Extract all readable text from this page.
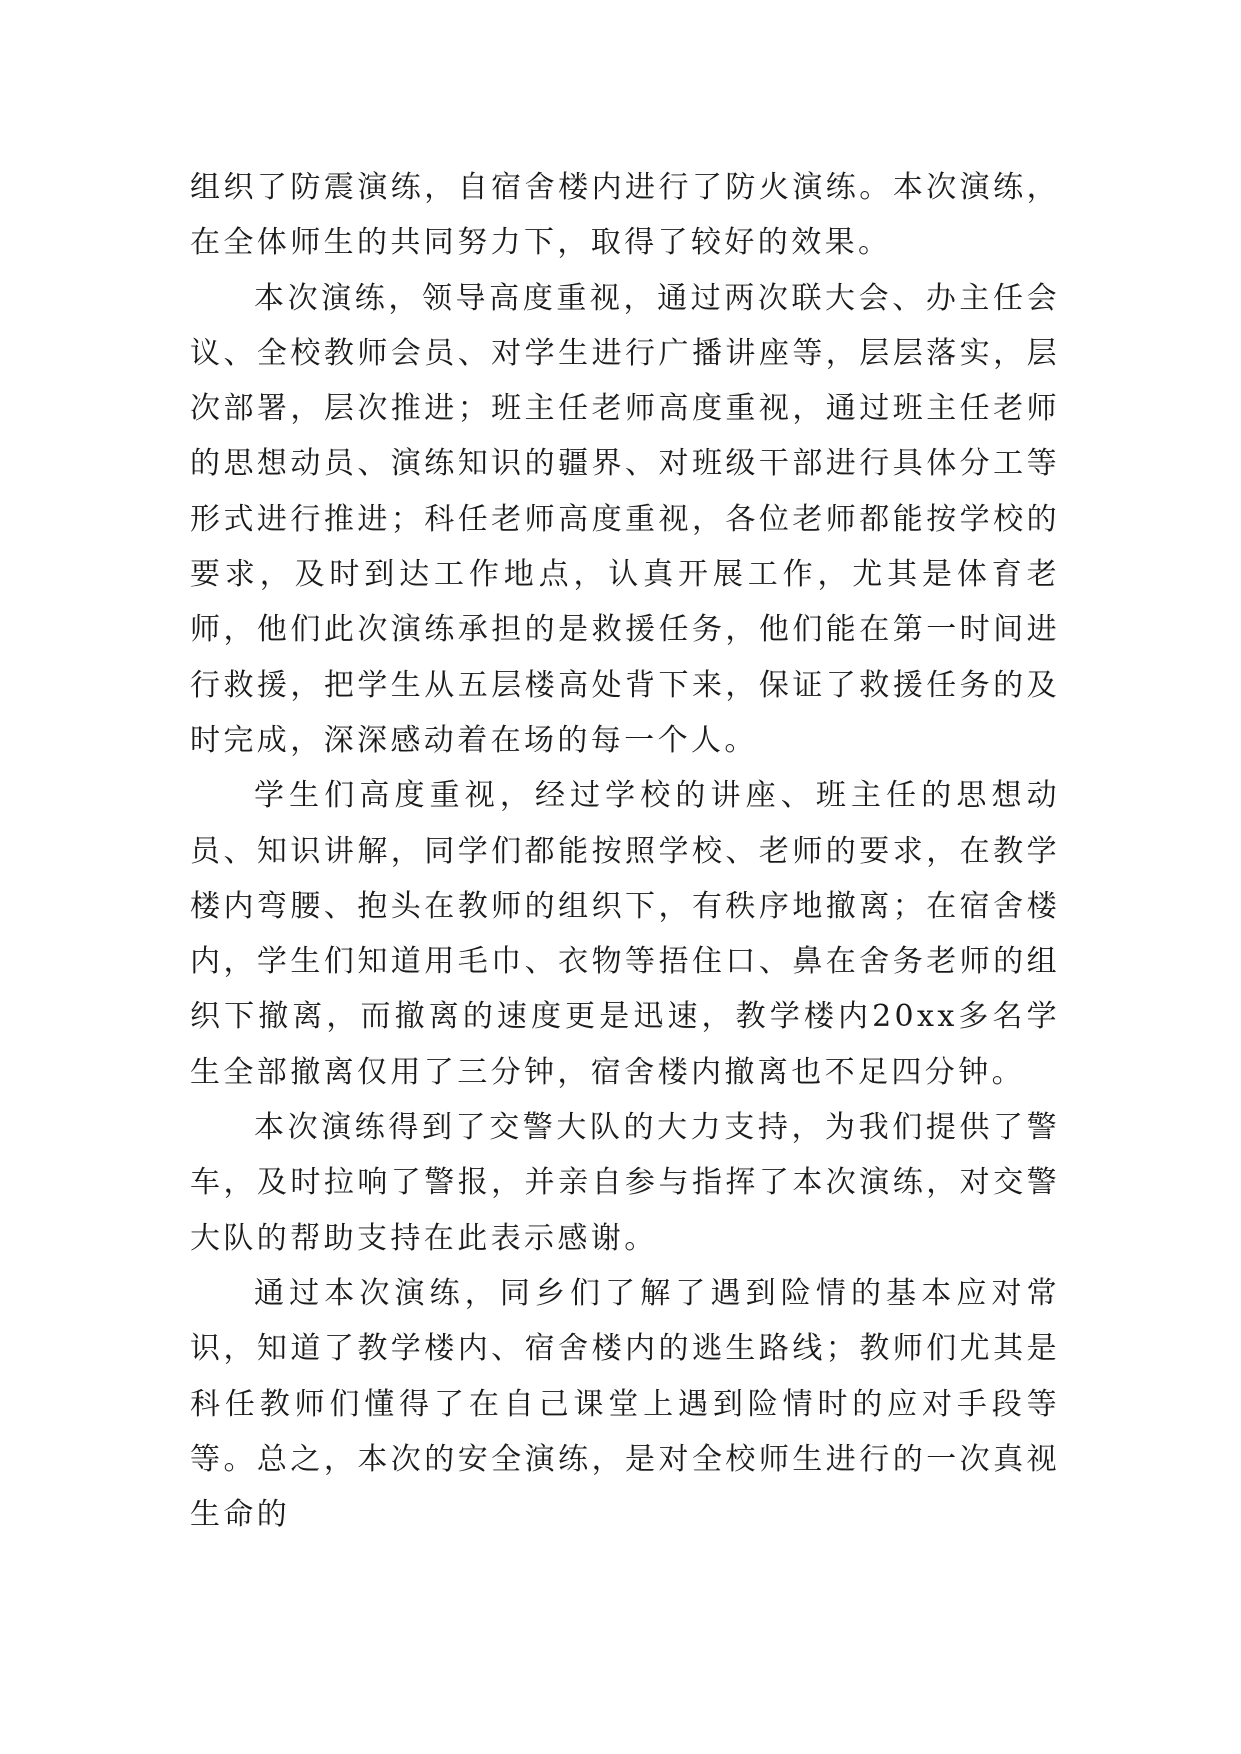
组织了防震演练，自宿舍楼内进行了防火演练。本次演练，在全体师生的共同努力下，取得了较好的效果。

本次演练，领导高度重视，通过两次联大会、办主任会议、全校教师会员、对学生进行广播讲座等，层层落实，层次部署，层次推进；班主任老师高度重视，通过班主任老师的思想动员、演练知识的疆界、对班级干部进行具体分工等形式进行推进；科任老师高度重视，各位老师都能按学校的要求，及时到达工作地点，认真开展工作，尤其是体育老师，他们此次演练承担的是救援任务，他们能在第一时间进行救援，把学生从五层楼高处背下来，保证了救援任务的及时完成，深深感动着在场的每一个人。

学生们高度重视，经过学校的讲座、班主任的思想动员、知识讲解，同学们都能按照学校、老师的要求，在教学楼内弯腰、抱头在教师的组织下，有秩序地撤离；在宿舍楼内，学生们知道用毛巾、衣物等捂住口、鼻在舍务老师的组织下撤离，而撤离的速度更是迅速，教学楼内20xx多名学生全部撤离仅用了三分钟，宿舍楼内撤离也不足四分钟。

本次演练得到了交警大队的大力支持，为我们提供了警车，及时拉响了警报，并亲自参与指挥了本次演练，对交警大队的帮助支持在此表示感谢。

通过本次演练，同乡们了解了遇到险情的基本应对常识，知道了教学楼内、宿舍楼内的逃生路线；教师们尤其是科任教师们懂得了在自己课堂上遇到险情时的应对手段等等。总之，本次的安全演练，是对全校师生进行的一次真视生命的
